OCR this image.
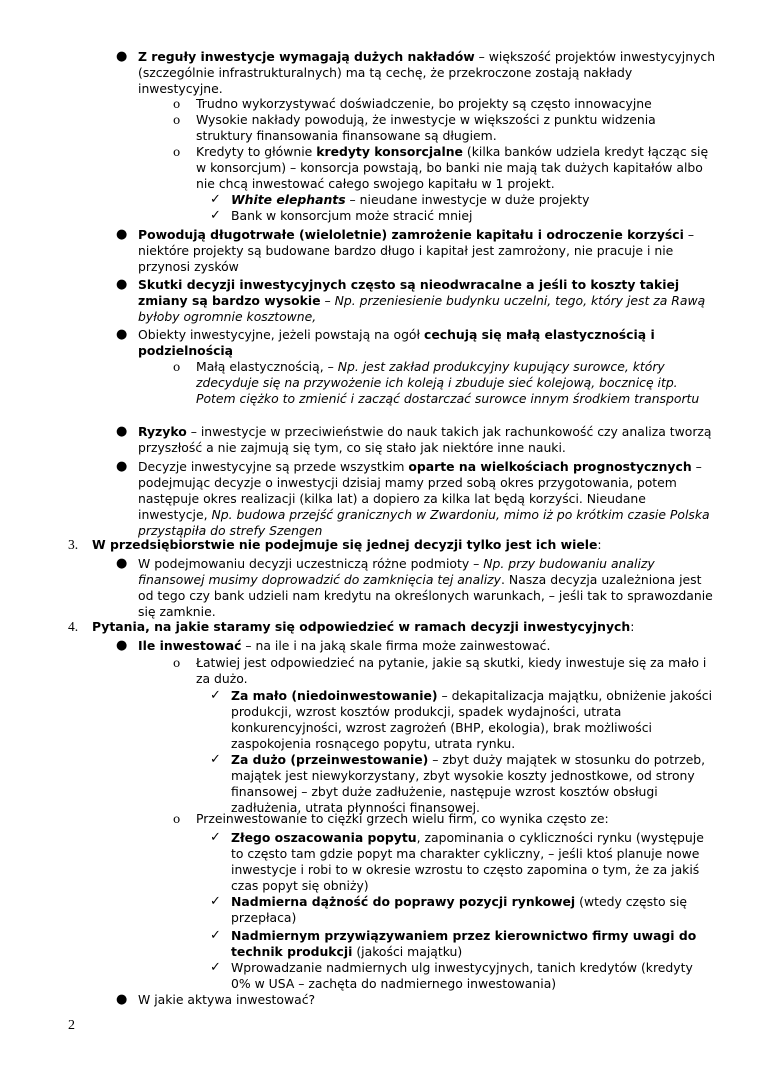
● Z reguły inwestycje wymagają dużych nakładów – większość projektów inwestycyjnych (szczególnie infrastrukturalnych) ma tą cechę, że przekroczone zostają nakłady inwestycyjne.

o Trudno wykorzystywać doświadczenie, bo projekty są często innowacyjne

o Wysokie nakłady powodują, że inwestycje w większości z punktu widzenia struktury finansowania finansowane są długiem.

o Kredyty to głównie kredyty konsorcjalne (kilka banków udziela kredyt łącząc się w konsorcjum) – konsorcja powstają, bo banki nie mają tak dużych kapitałów albo nie chcą inwestować całego swojego kapitału w 1 projekt.

✓ White elephants – nieudane inwestycje w duże projekty

✓ Bank w konsorcjum może stracić mniej

● Powodują długotrwałe (wieloletnie) zamrożenie kapitału i odroczenie korzyści – niektóre projekty są budowane bardzo długo i kapitał jest zamrożony, nie pracuje i nie przynosi zysków

● Skutki decyzji inwestycyjnych często są nieodwracalne a jeśli to koszty takiej zmiany są bardzo wysokie – Np. przeniesienie budynku uczelni, tego, który jest za Rawą byłoby ogromnie kosztowne,

● Obiekty inwestycyjne, jeżeli powstają na ogół cechują się małą elastycznością i podzielnością

o Małą elastycznością, – Np. jest zakład produkcyjny kupujący surowce, który zdecyduje się na przywożenie ich koleją i zbuduje sieć kolejową, bocznicę itp. Potem ciężko to zmienić i zacząć dostarczać surowce innym środkiem transportu

● Ryzyko – inwestycje w przeciwieństwie do nauk takich jak rachunkowość czy analiza tworzą przyszłość a nie zajmują się tym, co się stało jak niektóre inne nauki.

● Decyzje inwestycyjne są przede wszystkim oparte na wielkościach prognostycznych – podejmując decyzje o inwestycji dzisiaj mamy przed sobą okres przygotowania, potem następuje okres realizacji (kilka lat) a dopiero za kilka lat będą korzyści. Nieudane inwestycje, Np. budowa przejść granicznych w Zwardoniu, mimo iż po krótkim czasie Polska przystąpiła do strefy Szengen

3. W przedsiębiorstwie nie podejmuje się jednej decyzji tylko jest ich wiele:

● W podejmowaniu decyzji uczestniczą różne podmioty – Np. przy budowaniu analizy finansowej musimy doprowadzić do zamknięcia tej analizy. Nasza decyzja uzależniona jest od tego czy bank udzieli nam kredytu na określonych warunkach, – jeśli tak to sprawozdanie się zamknie.

4. Pytania, na jakie staramy się odpowiedzieć w ramach decyzji inwestycyjnych:

● Ile inwestować – na ile i na jaką skale firma może zainwestować.

o Łatwiej jest odpowiedzieć na pytanie, jakie są skutki, kiedy inwestuje się za mało i za dużo.

✓ Za mało (niedoinwestowanie) – dekapitalizacja majątku, obniżenie jakości produkcji, wzrost kosztów produkcji, spadek wydajności, utrata konkurencyjności, wzrost zagrożeń (BHP, ekologia), brak możliwości zaspokojenia rosnącego popytu, utrata rynku.

✓ Za dużo (przeinwestowanie) – zbyt duży majątek w stosunku do potrzeb, majątek jest niewykorzystany, zbyt wysokie koszty jednostkowe, od strony finansowej – zbyt duże zadłużenie, następuje wzrost kosztów obsługi zadłużenia, utrata płynności finansowej.

o Przeinwestowanie to ciężki grzech wielu firm, co wynika często ze:

✓ Złego oszacowania popytu, zapominania o cykliczności rynku (występuje to często tam gdzie popyt ma charakter cykliczny, – jeśli ktoś planuje nowe inwestycje i robi to w okresie wzrostu to często zapomina o tym, że za jakiś czas popyt się obniży)

✓ Nadmierna dążność do poprawy pozycji rynkowej (wtedy często się przepłaca)

✓ Nadmiernym przywiązywaniem przez kierownictwo firmy uwagi do technik produkcji (jakości majątku)

✓ Wprowadzanie nadmiernych ulg inwestycyjnych, tanich kredytów (kredyty 0% w USA – zachęta do nadmiernego inwestowania)

● W jakie aktywa inwestować?

2
